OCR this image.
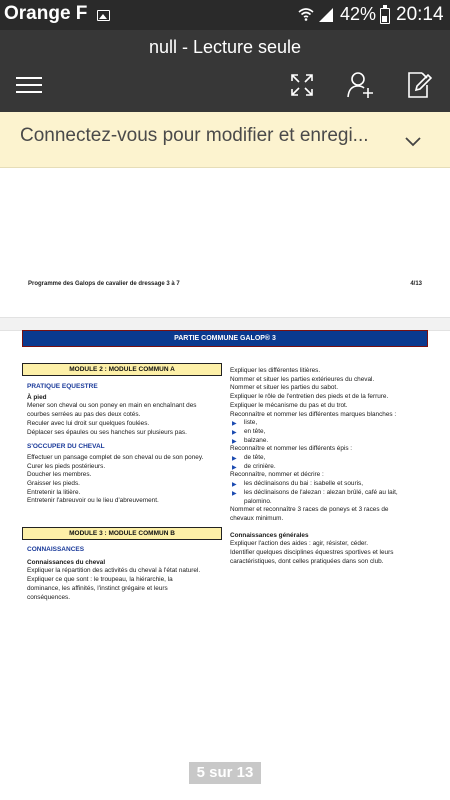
Orange F	42% 20:14
null - Lecture seule
Connectez-vous pour modifier et enregi...
Programme des Galops de cavalier de dressage 3 à 7	4/13
PARTIE COMMUNE GALOP® 3
MODULE 2 : MODULE COMMUN A
PRATIQUE EQUESTRE
À pied
Mener son cheval ou son poney en main en enchaînant des
courbes serrées au pas des deux cotés.
Reculer avec lui droit sur quelques foulées.
Déplacer ses épaules ou ses hanches sur plusieurs pas.
S'OCCUPER DU CHEVAL
Effectuer un pansage complet de son cheval ou de son poney.
Curer les pieds postérieurs.
Doucher les membres.
Graisser les pieds.
Entretenir la litière.
Entretenir l'abreuvoir ou le lieu d'abreuvement.
MODULE 3 : MODULE COMMUN B
CONNAISSANCES
Connaissances du cheval
Expliquer la répartition des activités du cheval à l'état naturel.
Expliquer ce que sont : le troupeau, la hiérarchie, la
dominance, les affinités, l'instinct grégaire et leurs
conséquences.
Expliquer les différentes litières.
Nommer et situer les parties extérieures du cheval.
Nommer et situer les parties du sabot.
Expliquer le rôle de l'entretien des pieds et de la ferrure.
Expliquer le mécanisme du pas et du trot.
Reconnaître et nommer les différentes marques blanches :
▶ liste,
▶ en tête,
▶ balzane.
Reconnaître et nommer les différents épis :
▶ de tête,
▶ de crinière.
Reconnaître, nommer et décrire :
▶ les déclinaisons du bai : isabelle et souris,
▶ les déclinaisons de l'alezan : alezan brûlé, café au lait,
palomino.
Nommer et reconnaître 3 races de poneys et 3 races de
chevaux minimum.
Connaissances générales
Expliquer l'action des aides : agir, résister, céder.
Identifier quelques disciplines équestres sportives et leurs
caractéristiques, dont celles pratiquées dans son club.
5 sur 13
